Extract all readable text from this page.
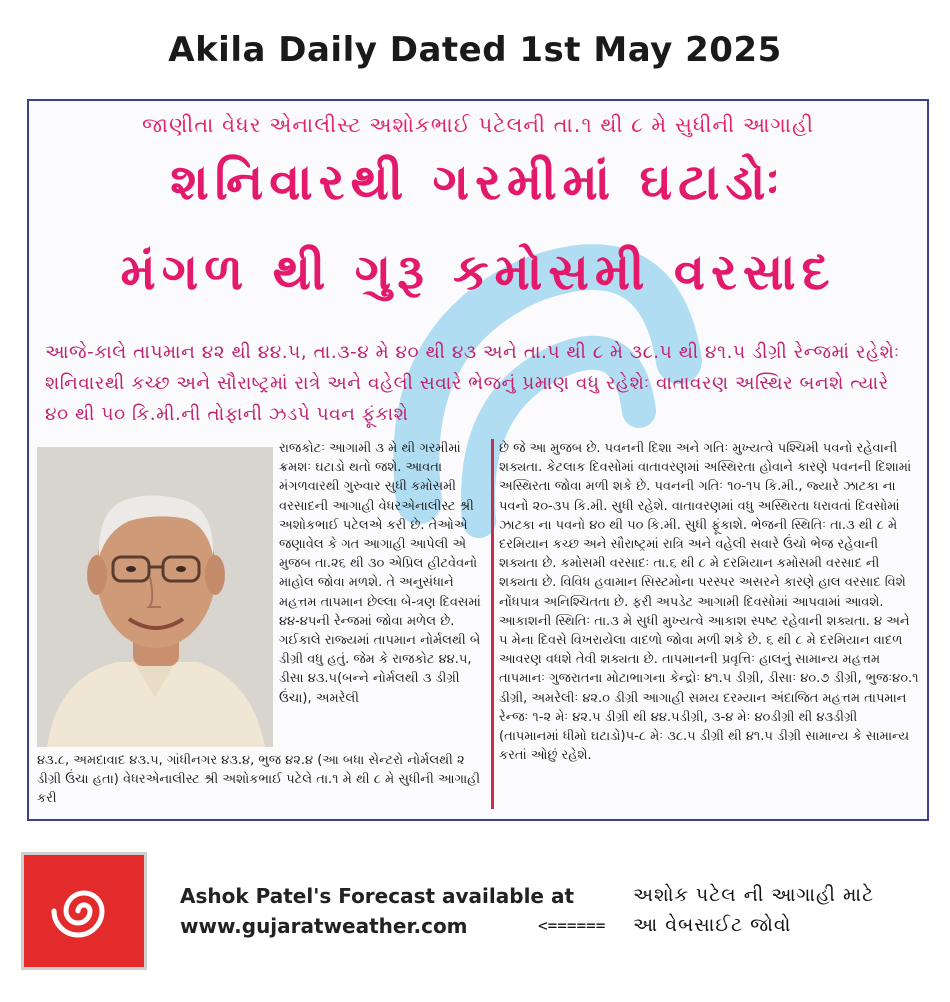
Akila Daily Dated 1st May 2025
જાણીતા વેધર એનાલીસ્ટ અશોકભાઈ પટેલની તા.૧ થી ૮ મે સુધીની આગાહી
શનિવારથી ગરમીમાં ઘટાડોઃ
મંગળ થી ગુરૂ કમોસમી વરસાદ
આજે-કાલે તાપમાન ૪૨ થી ૪૪.૫, તા.૩-૪ મે ૪૦ થી ૪૩ અને તા.૫ થી ૮ મે ૩૮.૫ થી ૪૧.૫ ડીગ્રી રેન્જમાં રહેશેઃ શનિવારથી કચ્છ અને સૌરાષ્ટ્રમાં રાત્રે અને વહેલી સવારે ભેજનું પ્રમાણ વધુ રહેશેઃ વાતાવરણ અસ્થિર બનશે ત્યારે ૪૦ થી ૫૦ કિ.મી.ની તોફાની ઝડપે પવન ફૂંકાશે

રાજકોટઃ આગામી ૩ મે થી ગરમીમાં ક્રમશઃ ઘટાડો થતો જશે. આવતા મંગળવારથી ગુરુવાર સુધી કમોસમી વરસાદની આગાહી વેધરએનાલીસ્ટ શ્રી અશોકભાઈ પટેલએ કરી છે. તેઓએ જણાવેલ કે ગત આગાહી આપેલી એ મુજબ તા.૨૬ થી ૩૦ એપ્રિલ હીટવેવનો માહોલ જોવા મળશે. તે અનુસંધાને મહત્તમ તાપમાન છેલ્લા બે-ત્રણ દિવસમાં ૪૪-૪૫ની રેન્જમાં જોવા મળેલ છે. ગઈકાલે રાજ્યમાં તાપમાન નોર્મલથી બે ડીગ્રી વધુ હતું. જેમ કે રાજકોટ ૪૪.૫, ડીસા ૪૩.૫(બન્ને નોર્મલથી ૩ ડીગ્રી ઉંચા), અમરેલી

૪૩.૮, અમદાવાદ ૪૩.૫, ગાંધીનગર ૪૩.૪, ભુજ ૪૨.૪ (આ બધા સેન્ટરો નોર્મલથી ૨ ડીગ્રી ઉંચા હતા) વેધરએનાલીસ્ટ શ્રી અશોકભાઈ પટેલે તા.૧ મે થી ૮ મે સુધીની આગાહી કરી

છે જે આ મુજબ છે. પવનની દિશા અને ગતિઃ મુખ્યત્વે પશ્ચિમી પવનો રહેવાની શક્યતા. કેટલાક દિવસોમાં વાતાવરણમાં અસ્થિરતા હોવાને કારણે પવનની દિશામાં અસ્થિરતા જોવા મળી શકે છે. પવનની ગતિઃ ૧૦-૧૫ કિ.મી., જ્યારે ઝાટકા ના પવનો ૨૦-૩૫ કિ.મી. સુધી રહેશે. વાતાવરણમાં વધુ અસ્થિરતા ધરાવતાં દિવસોમાં ઝાટકા ના પવનો ૪૦ થી ૫૦ કિ.મી. સુધી ફૂંકાશે. ભેજની સ્થિતિઃ તા.૩ થી ૮ મે દરમિયાન કચ્છ અને સૌરાષ્ટ્રમાં રાત્રિ અને વહેલી સવારે ઉંચો ભેજ રહેવાની શક્યતા છે. કમોસમી વરસાદઃ તા.૬ થી ૮ મે દરમિયાન કમોસમી વરસાદ ની શક્યતા છે. વિવિધ હવામાન સિસ્ટમોના પરસ્પર અસરને કારણે હાલ વરસાદ વિશે નોંધપાત્ર અનિશ્ચિતતા છે. ફરી અપડેટ આગામી દિવસોમાં આપવામાં આવશે. આકાશની સ્થિતિઃ તા.૩ મે સુધી મુખ્યત્વે આકાશ સ્પષ્ટ રહેવાની શક્યતા. ૪ અને ૫ મેના દિવસે વિખરાયેલા વાદળો જોવા મળી શકે છે. ૬ થી ૮ મે દરમિયાન વાદળ આવરણ વધશે તેવી શક્યતા છે. તાપમાનની પ્રવૃત્તિઃ હાલનું સામાન્ય મહત્તમ તાપમાનઃ ગુજરાતના મોટાભાગના કેન્દ્રોઃ ૪૧.૫ ડીગ્રી, ડીસાઃ ૪૦.૭ ડીગ્રી, ભુજઃ૪૦.૧ ડીગ્રી, અમરેલીઃ ૪૨.૦ ડીગ્રી આગાહી સમય દરમ્યાન અંદાજિત મહત્તમ તાપમાન રેન્જઃ ૧-૨ મેઃ ૪૨.૫ ડીગ્રી થી ૪૪.૫ડીગ્રી, ૩-૪ મેઃ ૪૦ડીગ્રી થી ૪૩ડીગ્રી (તાપમાનમાં ધીમો ઘટાડો)૫-૮ મેઃ ૩૮.૫ ડીગ્રી થી ૪૧.૫ ડીગ્રી સામાન્ય કે સામાન્ય કરતાં ઓછું રહેશે.

Ashok Patel's Forecast available at
www.gujaratweather.com	<======
અશોક પટેલ ની આગાહી માટે
આ વેબસાઈટ જોવો
